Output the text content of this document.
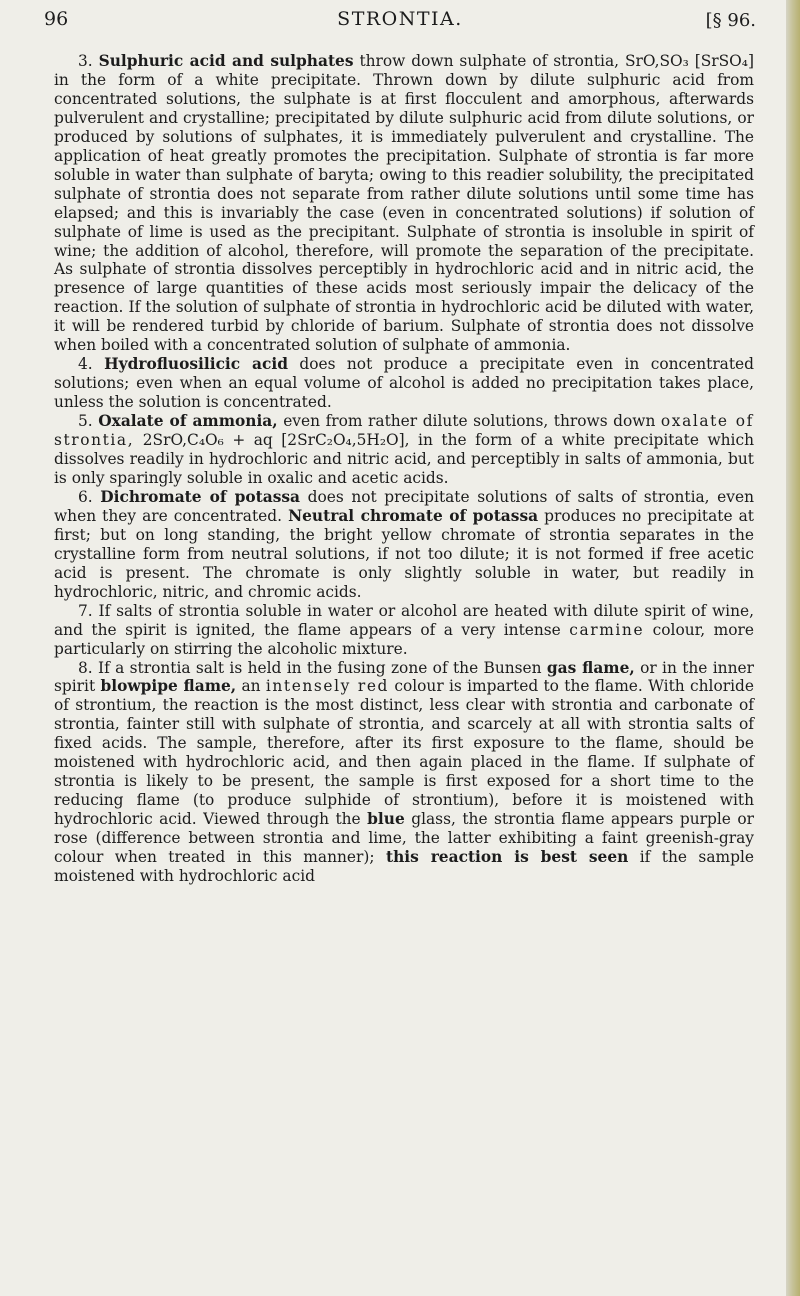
STRONTIA.
96	[§ 96.

3. Sulphuric acid and sulphates throw down sulphate of strontia, SrO,SO₃ [SrSO₄] in the form of a white precipitate. Thrown down by dilute sulphuric acid from concentrated solutions, the sulphate is at first flocculent and amorphous, afterwards pulverulent and crystalline; precipitated by dilute sulphuric acid from dilute solutions, or produced by solutions of sulphates, it is immediately pulverulent and crystalline. The application of heat greatly promotes the precipitation. Sulphate of strontia is far more soluble in water than sulphate of baryta; owing to this readier solubility, the precipitated sulphate of strontia does not separate from rather dilute solutions until some time has elapsed; and this is invariably the case (even in concentrated solutions) if solution of sulphate of lime is used as the precipitant. Sulphate of strontia is insoluble in spirit of wine; the addition of alcohol, therefore, will promote the separation of the precipitate. As sulphate of strontia dissolves perceptibly in hydrochloric acid and in nitric acid, the presence of large quantities of these acids most seriously impair the delicacy of the reaction. If the solution of sulphate of strontia in hydrochloric acid be diluted with water, it will be rendered turbid by chloride of barium. Sulphate of strontia does not dissolve when boiled with a concentrated solution of sulphate of ammonia.

4. Hydrofluosilicic acid does not produce a precipitate even in concentrated solutions; even when an equal volume of alcohol is added no precipitation takes place, unless the solution is concentrated.

5. Oxalate of ammonia, even from rather dilute solutions, throws down oxalate of strontia, 2SrO,C₄O₆ + aq [2SrC₂O₄,5H₂O], in the form of a white precipitate which dissolves readily in hydrochloric and nitric acid, and perceptibly in salts of ammonia, but is only sparingly soluble in oxalic and acetic acids.

6. Dichromate of potassa does not precipitate solutions of salts of strontia, even when they are concentrated. Neutral chromate of potassa produces no precipitate at first; but on long standing, the bright yellow chromate of strontia separates in the crystalline form from neutral solutions, if not too dilute; it is not formed if free acetic acid is present. The chromate is only slightly soluble in water, but readily in hydrochloric, nitric, and chromic acids.

7. If salts of strontia soluble in water or alcohol are heated with dilute spirit of wine, and the spirit is ignited, the flame appears of a very intense carmine colour, more particularly on stirring the alcoholic mixture.

8. If a strontia salt is held in the fusing zone of the Bunsen gas flame, or in the inner spirit blowpipe flame, an intensely red colour is imparted to the flame. With chloride of strontium, the reaction is the most distinct, less clear with strontia and carbonate of strontia, fainter still with sulphate of strontia, and scarcely at all with strontia salts of fixed acids. The sample, therefore, after its first exposure to the flame, should be moistened with hydrochloric acid, and then again placed in the flame. If sulphate of strontia is likely to be present, the sample is first exposed for a short time to the reducing flame (to produce sulphide of strontium), before it is moistened with hydrochloric acid. Viewed through the blue glass, the strontia flame appears purple or rose (difference between strontia and lime, the latter exhibiting a faint greenish-gray colour when treated in this manner); this reaction is best seen if the sample moistened with hydrochloric acid
